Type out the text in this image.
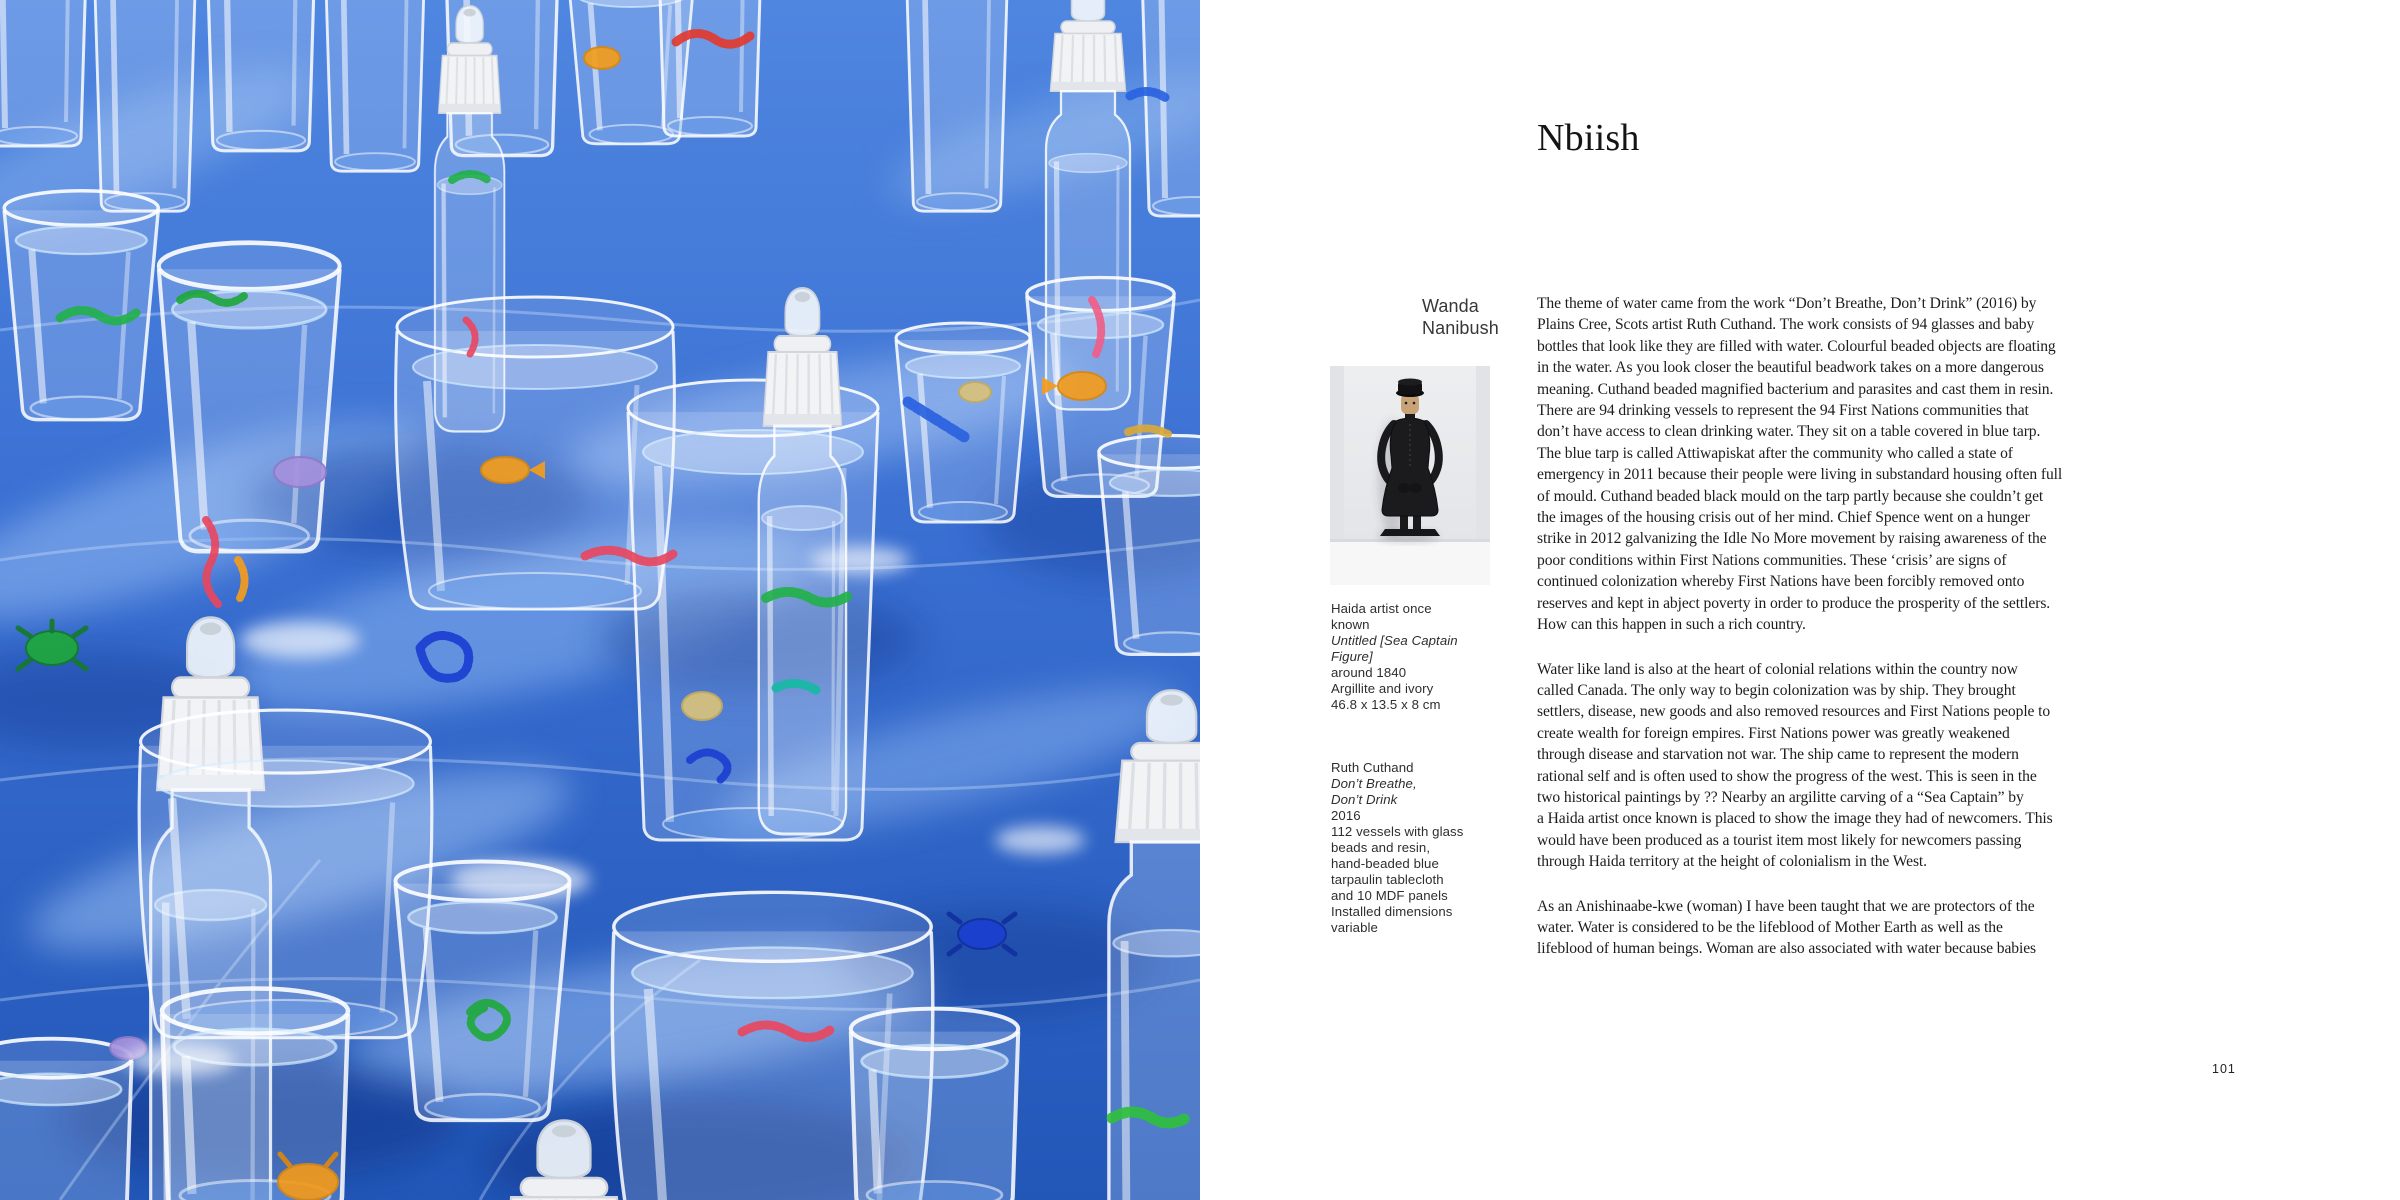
Nbiish
Wanda
Nanibush
Haida artist once
known
Untitled [Sea Captain
Figure]
around 1840
Argillite and ivory
46.8 x 13.5 x 8 cm
Ruth Cuthand
Don’t Breathe,
Don’t Drink
2016
112 vessels with glass
beads and resin,
hand-beaded blue
tarpaulin tablecloth
and 10 MDF panels
Installed dimensions
variable
The theme of water came from the work “Don’t Breathe, Don’t Drink” (2016) by
Plains Cree, Scots artist Ruth Cuthand. The work consists of 94 glasses and baby
bottles that look like they are filled with water. Colourful beaded objects are floating
in the water. As you look closer the beautiful beadwork takes on a more dangerous
meaning. Cuthand beaded magnified bacterium and parasites and cast them in resin.
There are 94 drinking vessels to represent the 94 First Nations communities that
don’t have access to clean drinking water. They sit on a table covered in blue tarp.
The blue tarp is called Attiwapiskat after the community who called a state of
emergency in 2011 because their people were living in substandard housing often full
of mould. Cuthand beaded black mould on the tarp partly because she couldn’t get
the images of the housing crisis out of her mind. Chief Spence went on a hunger
strike in 2012 galvanizing the Idle No More movement by raising awareness of the
poor conditions within First Nations communities. These ‘crisis’ are signs of
continued colonization whereby First Nations have been forcibly removed onto
reserves and kept in abject poverty in order to produce the prosperity of the settlers.
How can this happen in such a rich country.
Water like land is also at the heart of colonial relations within the country now
called Canada. The only way to begin colonization was by ship. They brought
settlers, disease, new goods and also removed resources and First Nations people to
create wealth for foreign empires. First Nations power was greatly weakened
through disease and starvation not war. The ship came to represent the modern
rational self and is often used to show the progress of the west. This is seen in the
two historical paintings by ?? Nearby an argilitte carving of a “Sea Captain” by
a Haida artist once known is placed to show the image they had of newcomers. This
would have been produced as a tourist item most likely for newcomers passing
through Haida territory at the height of colonialism in the West.
As an Anishinaabe-kwe (woman) I have been taught that we are protectors of the
water. Water is considered to be the lifeblood of Mother Earth as well as the
lifeblood of human beings. Woman are also associated with water because babies
101
